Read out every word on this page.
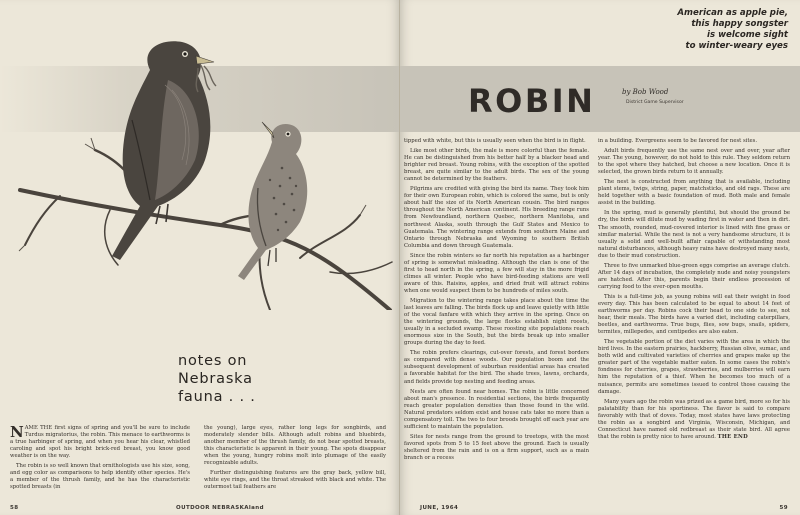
notes on
Nebraska
fauna . . .

NAME THE first signs of spring and you'll be sure to include Turdus migratorius, the robin. This menace to earthworms is a true harbinger of spring, and when you hear his clear, whistled caroling and spot his bright brick-red breast, you know good weather is on the way.

The robin is so well known that ornithologists use his size, song, and egg color as comparisons to help identify other species. He's a member of the thrush family, and he has the characteristic spotted breasts (in

the young), large eyes, rather long legs for songbirds, and moderately slender bills. Although adult robins and bluebirds, another member of the thrush family, do not bear spotted breasts, this characteristic is apparent in their young. The spots disappear when the young, hungry robins molt into plumage of the easily recognizable adults.

Further distinguishing features are the gray back, yellow bill, white eye rings, and the throat streaked with black and white. The outermost tail feathers are

58	OUTDOOR NEBRASKAland
American as apple pie,
this happy songster
is welcome sight
to winter-weary eyes
ROBIN	by Bob Wood
District Game Supervisor

tipped with white, but this is usually seen when the bird is in flight.

Like most other birds, the male is more colorful than the female. He can be distinguished from his better half by a blacker head and brighter red breast. Young robins, with the exception of the spotted breast, are quite similar to the adult birds. The sex of the young cannot be determined by the feathers.

Pilgrims are credited with giving the bird its name. They took him for their own European robin, which is colored the same, but is only about half the size of its North American cousin. The bird ranges throughout the North American continent. His breeding range runs from Newfoundland, northern Quebec, northern Manitoba, and northwest Alaska, south through the Gulf States and Mexico to Guatemala. The wintering range extends from southern Maine and Ontario through Nebraska and Wyoming to southern British Columbia and down through Guatemala.

Since the robin winters so far north his reputation as a harbinger of spring is somewhat misleading. Although the clan is one of the first to head north in the spring, a few will stay in the more frigid climes all winter. People who have bird-feeding stations are well aware of this. Raisins, apples, and dried fruit will attract robins when one would suspect them to be hundreds of miles south.

Migration to the wintering range takes place about the time the last leaves are falling. The birds flock up and leave quietly with little of the vocal fanfare with which they arrive in the spring. Once on the wintering grounds, the large flocks establish night roosts, usually in a secluded swamp. These roosting site populations reach enormous size in the South, but the birds break up into smaller groups during the day to feed.

The robin prefers clearings, cut-over forests, and forest borders as compared with dense woods. Our population boom and the subsequent development of suburban residential areas has created a favorable habitat for the bird. The shade trees, lawns, orchards, and fields provide top nesting and feeding areas.

Nests are often found near homes. The robin is little concerned about man's presence. In residential sections, the birds frequently reach greater population densities than those found in the wild. Natural predators seldom exist and house cats take no more than a compensatory toll. The two to four broods brought off each year are sufficient to maintain the population.

Sites for nests range from the ground to treetops, with the most favored spots from 5 to 15 feet above the ground. Each is usually sheltered from the rain and is on a firm support, such as a main branch or a recess

in a building. Evergreens seem to be favored for nest sites.

Adult birds frequently use the same nest over and over, year after year. The young, however, do not hold to this rule. They seldom return to the spot where they hatched, but choose a new location. Once it is selected, the grown birds return to it annually.

The nest is constructed from anything that is available, including plant stems, twigs, string, paper, matchsticks, and old rags. These are held together with a basic foundation of mud. Both male and female assist in the building.

In the spring, mud is generally plentiful, but should the ground be dry, the birds will dilute mud by wading first in water and then in dirt. The smooth, rounded, mud-covered interior is lined with fine grass or similar material. While the nest is not a very handsome structure, it is usually a solid and well-built affair capable of withstanding most natural disturbances, although heavy rains have destroyed many nests, due to their mud construction.

Three to five unmarked blue-green eggs comprise an average clutch. After 14 days of incubation, the completely nude and noisy youngsters are hatched. After this, parents begin their endless procession of carrying food to the ever-open mouths.

This is a full-time job, as young robins will eat their weight in food every day. This has been calculated to be equal to about 14 feet of earthworms per day. Robins cock their head to one side to see, not hear, their meals. The birds have a varied diet, including caterpillars, beetles, and earthworms. True bugs, flies, sow bugs, snails, spiders, termites, millepedes, and centipedes are also eaten.

The vegetable portion of the diet varies with the area in which the bird lives. In the eastern prairies, hackberry, Russian olive, sumac, and both wild and cultivated varieties of cherries and grapes make up the greater part of the vegetable matter eaten. In some cases the robin's fondness for cherries, grapes, strawberries, and mulberries will earn him the reputation of a thief. When he becomes too much of a nuisance, permits are sometimes issued to control those causing the damage.

Many years ago the robin was prized as a game bird, more so for his palatability than for his sportiness. The flavor is said to compare favorably with that of doves. Today, most states have laws protecting the robin as a songbird and Virginia, Wisconsin, Michigan, and Connecticut have named old redbreast as their state bird. All agree that the robin is pretty nice to have around. THE END

JUNE, 1964	59
